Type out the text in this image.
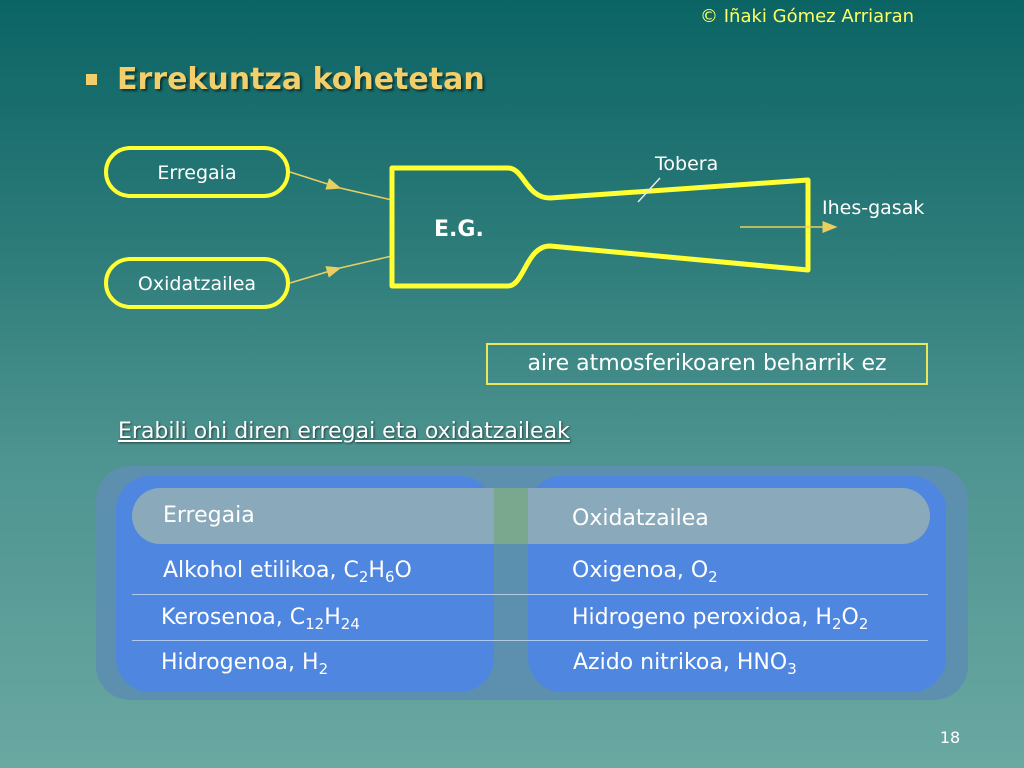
© Iñaki Gómez Arriaran
Errekuntza kohetetan
Erregaia
Oxidatzailea
E.G.
Tobera
Ihes-gasak
aire atmosferikoaren beharrik ez
Erabili ohi diren erregai eta oxidatzaileak
Erregaia	Oxidatzailea
Alkohol etilikoa, $C_2H_6O$	Oxigenoa, $O_2$
Kerosenoa, $C_{12}H_{24}$	Hidrogeno peroxidoa, $H_2O_2$
Hidrogenoa, $H_2$	Azido nitrikoa, $HNO_3$
18
